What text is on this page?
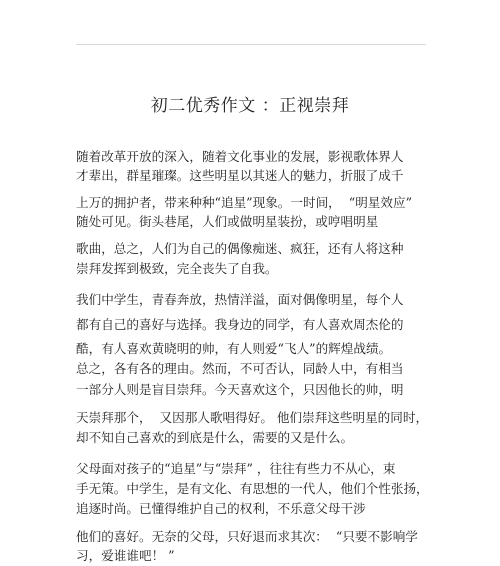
初二优秀作文 ：正视崇拜
随着改革开放的深入，随着文化事业的发展，影视歌体界人
才辈出，群星璀璨。这些明星以其迷人的魅力，折服了成千
上万的拥护者，带来种种“追星”现象。一时间，  “明星效应”
随处可见。街头巷尾，人们或做明星装扮，或哼唱明星
歌曲，总之，人们为自己的偶像痴迷、疯狂，还有人将这种
崇拜发挥到极致，完全丧失了自我。
我们中学生，青春奔放，热情洋溢，面对偶像明星，每个人
都有自己的喜好与选择。我身边的同学，有人喜欢周杰伦的
酷，有人喜欢黄晓明的帅，有人则爱“飞人”的辉煌战绩。
总之，各有各的理由。然而，不可否认，同龄人中，有相当
一部分人则是盲目崇拜。今天喜欢这个，只因他长的帅，明
天崇拜那个，  又因那人歌唱得好。 他们崇拜这些明星的同时，
却不知自己喜欢的到底是什么，需要的又是什么。
父母面对孩子的“追星”与“崇拜” ，往往有些力不从心，束
手无策。中学生，是有文化、有思想的一代人，他们个性张扬，
追逐时尚。已懂得维护自己的权利，不乐意父母干涉
他们的喜好。无奈的父母，只好退而求其次：  “只要不影响学
习，爱谁谁吧！ ”
